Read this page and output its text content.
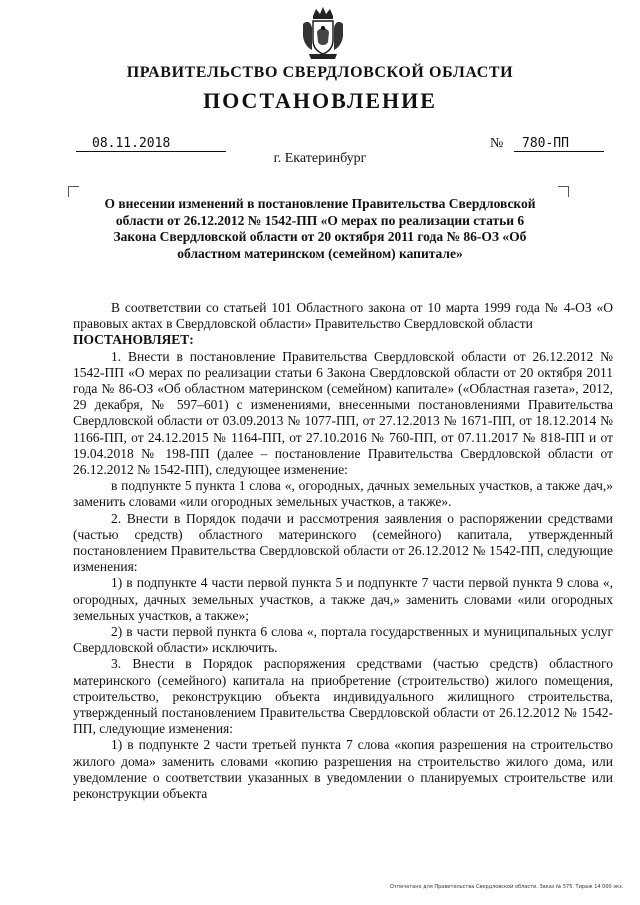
ПРАВИТЕЛЬСТВО СВЕРДЛОВСКОЙ ОБЛАСТИ
ПОСТАНОВЛЕНИЕ
08.11.2018	№ 780-ПП
г. Екатеринбург
О внесении изменений в постановление Правительства Свердловской области от 26.12.2012 № 1542-ПП «О мерах по реализации статьи 6 Закона Свердловской области от 20 октября 2011 года № 86-ОЗ «Об областном материнском (семейном) капитале»

В соответствии со статьей 101 Областного закона от 10 марта 1999 года № 4-ОЗ «О правовых актах в Свердловской области» Правительство Свердловской области

ПОСТАНОВЛЯЕТ:

1. Внести в постановление Правительства Свердловской области от 26.12.2012 № 1542-ПП «О мерах по реализации статьи 6 Закона Свердловской области от 20 октября 2011 года № 86-ОЗ «Об областном материнском (семейном) капитале» («Областная газета», 2012, 29 декабря, № 597–601) с изменениями, внесенными постановлениями Правительства Свердловской области от 03.09.2013 № 1077-ПП, от 27.12.2013 № 1671-ПП, от 18.12.2014 № 1166-ПП, от 24.12.2015 № 1164-ПП, от 27.10.2016 № 760-ПП, от 07.11.2017 № 818-ПП и от 19.04.2018 № 198-ПП (далее – постановление Правительства Свердловской области от 26.12.2012 № 1542-ПП), следующее изменение:

в подпункте 5 пункта 1 слова «, огородных, дачных земельных участков, а также дач,» заменить словами «или огородных земельных участков, а также».

2. Внести в Порядок подачи и рассмотрения заявления о распоряжении средствами (частью средств) областного материнского (семейного) капитала, утвержденный постановлением Правительства Свердловской области от 26.12.2012 № 1542-ПП, следующие изменения:

1) в подпункте 4 части первой пункта 5 и подпункте 7 части первой пункта 9 слова «, огородных, дачных земельных участков, а также дач,» заменить словами «или огородных земельных участков, а также»;

2) в части первой пункта 6 слова «, портала государственных и муниципальных услуг Свердловской области» исключить.

3. Внести в Порядок распоряжения средствами (частью средств) областного материнского (семейного) капитала на приобретение (строительство) жилого помещения, строительство, реконструкцию объекта индивидуального жилищного строительства, утвержденный постановлением Правительства Свердловской области от 26.12.2012 № 1542-ПП, следующие изменения:

1) в подпункте 2 части третьей пункта 7 слова «копия разрешения на строительство жилого дома» заменить словами «копию разрешения на строительство жилого дома, или уведомление о соответствии указанных в уведомлении о планируемых строительстве или реконструкции объекта

Отпечатано для Правительства Свердловской области. Заказ № 575. Тираж 14 000 экз.
